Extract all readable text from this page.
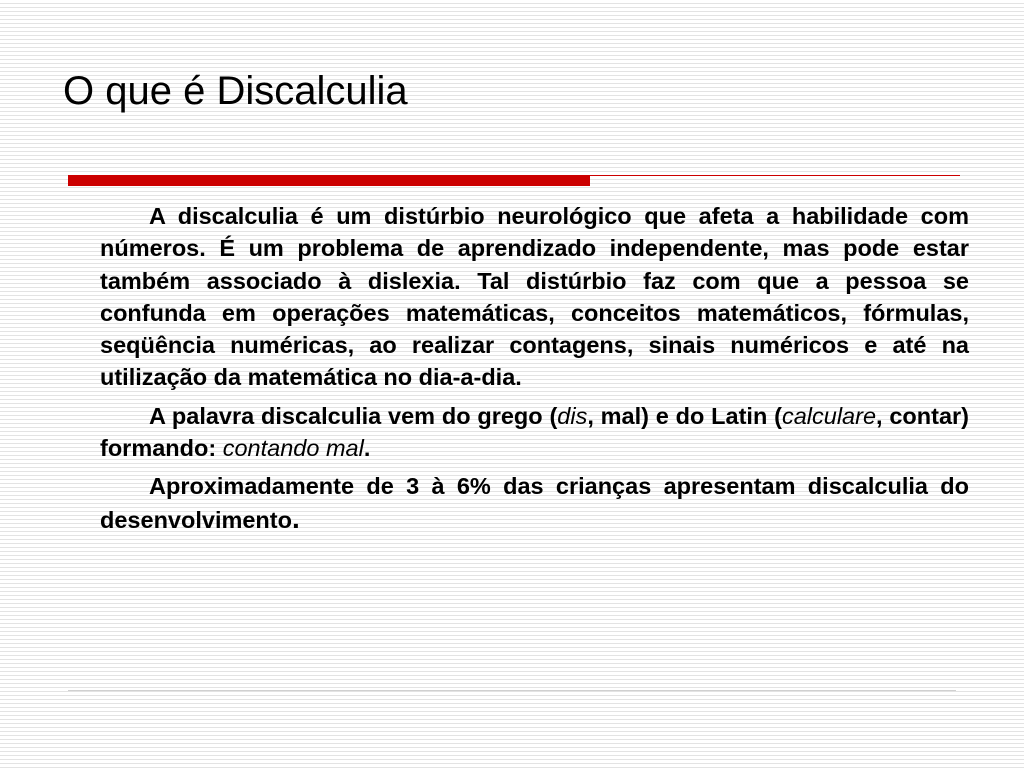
O que é Discalculia

A discalculia é um distúrbio neurológico que afeta a habilidade com números. É um problema de aprendizado independente, mas pode estar também associado à dislexia. Tal distúrbio faz com que a pessoa se confunda em operações matemáticas, conceitos matemáticos, fórmulas, seqüência numéricas, ao realizar contagens, sinais numéricos e até na utilização da matemática no dia-a-dia.

A palavra discalculia vem do grego (dis, mal) e do Latin (calculare, contar) formando: contando mal.

Aproximadamente de 3 à 6% das crianças apresentam discalculia do desenvolvimento.
